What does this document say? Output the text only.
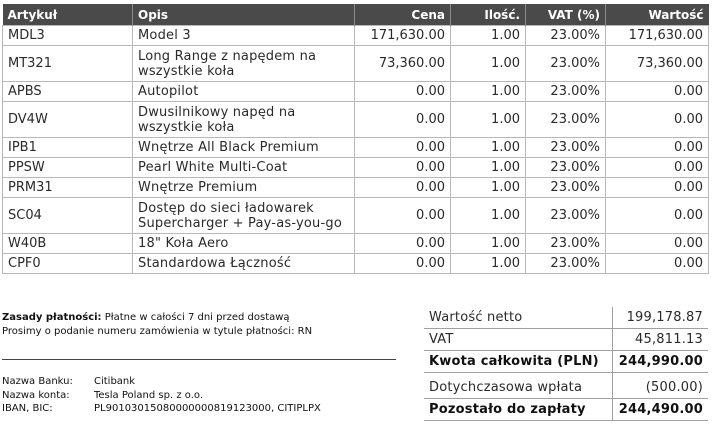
Artykuł	Opis	Cena	Ilość.	VAT (%)	Wartość
MDL3	Model 3	171,630.00	1.00	23.00%	171,630.00
MT321	Long Range z napędem na wszystkie koła	73,360.00	1.00	23.00%	73,360.00
APBS	Autopilot	0.00	1.00	23.00%	0.00
DV4W	Dwusilnikowy napęd na wszystkie koła	0.00	1.00	23.00%	0.00
IPB1	Wnętrze All Black Premium	0.00	1.00	23.00%	0.00
PPSW	Pearl White Multi-Coat	0.00	1.00	23.00%	0.00
PRM31	Wnętrze Premium	0.00	1.00	23.00%	0.00
SC04	Dostęp do sieci ładowarek Supercharger + Pay-as-you-go	0.00	1.00	23.00%	0.00
W40B	18" Koła Aero	0.00	1.00	23.00%	0.00
CPF0	Standardowa Łączność	0.00	1.00	23.00%	0.00
Zasady płatności: Płatne w całości 7 dni przed dostawą
Prosimy o podanie numeru zamówienia w tytule płatności: RN
Nazwa Banku:	Citibank
Nazwa konta:	Tesla Poland sp. z o.o.
IBAN, BIC:	PL90103015080000000819123000, CITIPLPX
Wartość netto	199,178.87
VAT	45,811.13
Kwota całkowita (PLN)	244,990.00
Dotychczasowa wpłata	(500.00)
Pozostało do zapłaty	244,490.00
